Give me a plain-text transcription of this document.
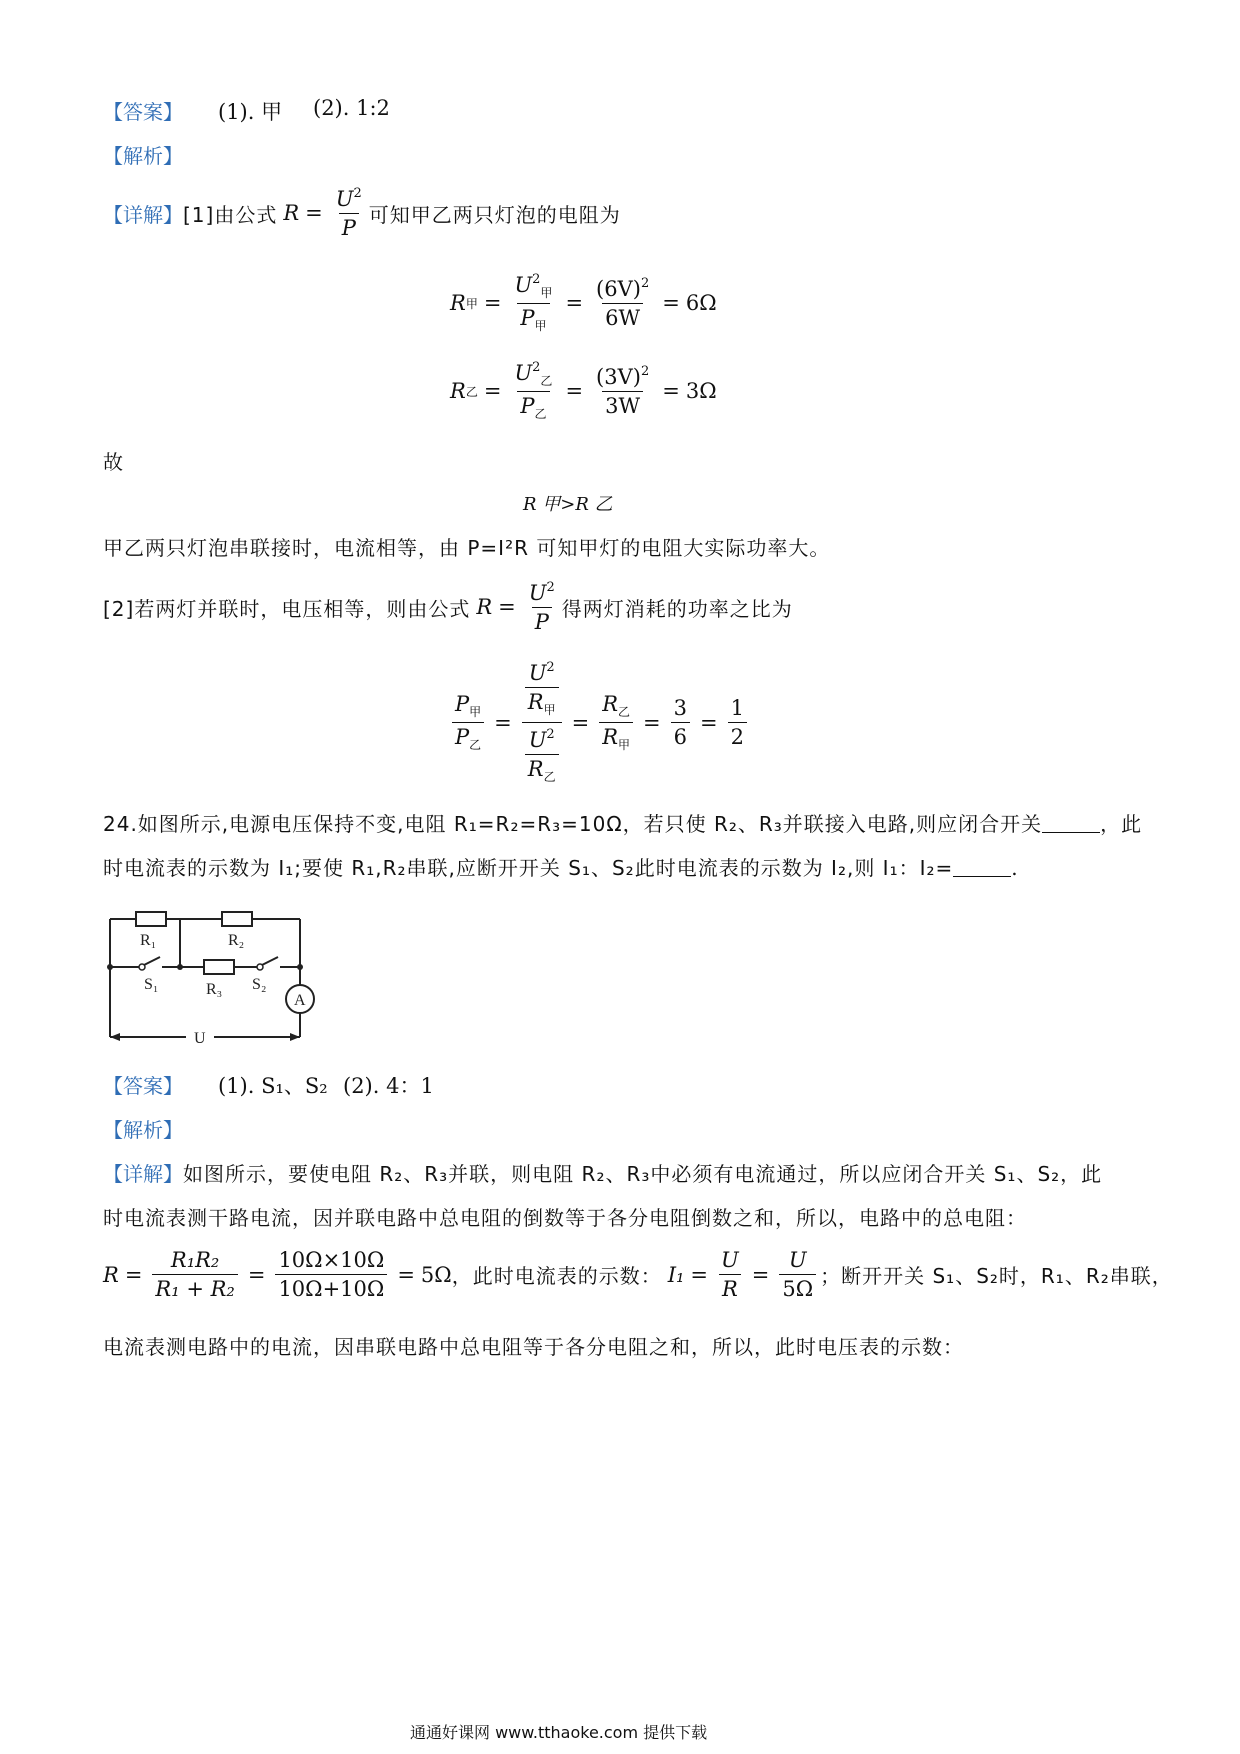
【答案】 (1). 甲 (2). 1:2
【解析】
【详解】 [1]由公式 $R = \frac{U^2}{P}$ 可知甲乙两只灯泡的电阻为
R 甲 = $\frac{U^2_甲}{P_甲} = \frac{(6V)^2}{6W} = 6\Omega$
R 乙 = $\frac{U^2_乙}{P_乙} = \frac{(3V)^2}{3W} = 3\Omega$
故
R 甲>R 乙
甲乙两只灯泡串联接时，电流相等，由 P=I²R 可知甲灯的电阻大实际功率大。
[2]若两灯并联时，电压相等，则由公式 $R = \frac{U^2}{P}$ 得两灯消耗的功率之比为
$\frac{P_甲}{P_乙} = \frac{\frac{U^2}{R_甲}}{\frac{U^2}{R_乙}} = \frac{R_乙}{R_甲} = \frac{3}{6} = \frac{1}{2}$
24.如图所示,电源电压保持不变,电阻 R₁=R₂=R₃=10Ω，若只使 R₂、R₃并联接入电路,则应闭合开关	，此
时电流表的示数为 I₁;要使 R₁,R₂串联,应断开开关 S₁、S₂此时电流表的示数为 I₂,则 I₁：I₂=	.
R₁	R₂
R₃
S₁	S₂
A
U
【答案】 (1). S₁、S₂ (2). 4：1
【解析】
【详解】如图所示，要使电阻 R₂、R₃并联，则电阻 R₂、R₃中必须有电流通过，所以应闭合开关 S₁、S₂，此
时电流表测干路电流，因并联电路中总电阻的倒数等于各分电阻倒数之和，所以，电路中的总电阻：
$R = \frac{\text{R₁R₂}}{\text{R₁ + R₂}} = \frac{10\Omega\times 10\Omega}{10\Omega+10\Omega} = 5\Omega$ ，此时电流表的示数： $I_1 = \frac{U}{R} = \frac{U}{5\Omega}$ ；断开开关 S₁、S₂时，R₁、R₂串联，
电流表测电路中的电流，因串联电路中总电阻等于各分电阻之和，所以，此时电压表的示数：
通通好课网 www.tthaoke.com 提供下载
